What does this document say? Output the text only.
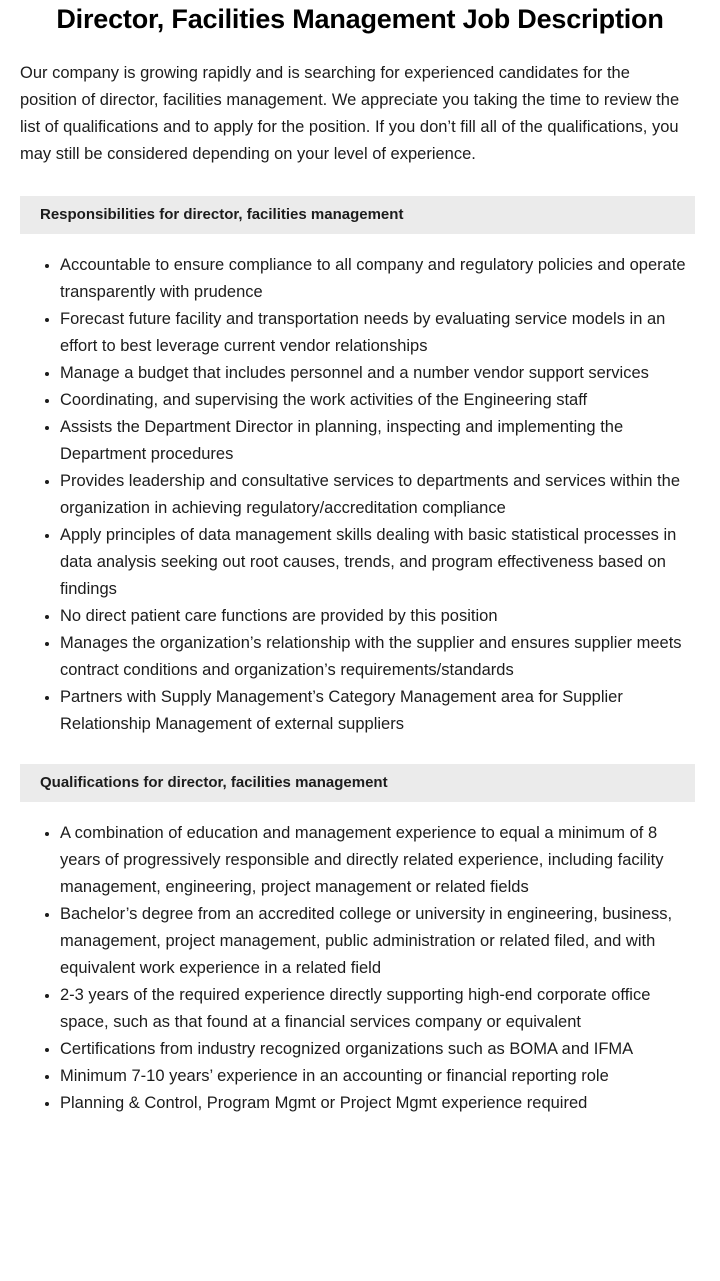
Director, Facilities Management Job Description

Our company is growing rapidly and is searching for experienced candidates for the position of director, facilities management. We appreciate you taking the time to review the list of qualifications and to apply for the position. If you don’t fill all of the qualifications, you may still be considered depending on your level of experience.

Responsibilities for director, facilities management
Accountable to ensure compliance to all company and regulatory policies and operate transparently with prudence
Forecast future facility and transportation needs by evaluating service models in an effort to best leverage current vendor relationships
Manage a budget that includes personnel and a number vendor support services
Coordinating, and supervising the work activities of the Engineering staff
Assists the Department Director in planning, inspecting and implementing the Department procedures
Provides leadership and consultative services to departments and services within the organization in achieving regulatory/accreditation compliance
Apply principles of data management skills dealing with basic statistical processes in data analysis seeking out root causes, trends, and program effectiveness based on findings
No direct patient care functions are provided by this position
Manages the organization’s relationship with the supplier and ensures supplier meets contract conditions and organization’s requirements/standards
Partners with Supply Management’s Category Management area for Supplier Relationship Management of external suppliers
Qualifications for director, facilities management
A combination of education and management experience to equal a minimum of 8 years of progressively responsible and directly related experience, including facility management, engineering, project management or related fields
Bachelor’s degree from an accredited college or university in engineering, business, management, project management, public administration or related filed, and with equivalent work experience in a related field
2-3 years of the required experience directly supporting high-end corporate office space, such as that found at a financial services company or equivalent
Certifications from industry recognized organizations such as BOMA and IFMA
Minimum 7-10 years’ experience in an accounting or financial reporting role
Planning & Control, Program Mgmt or Project Mgmt experience required
